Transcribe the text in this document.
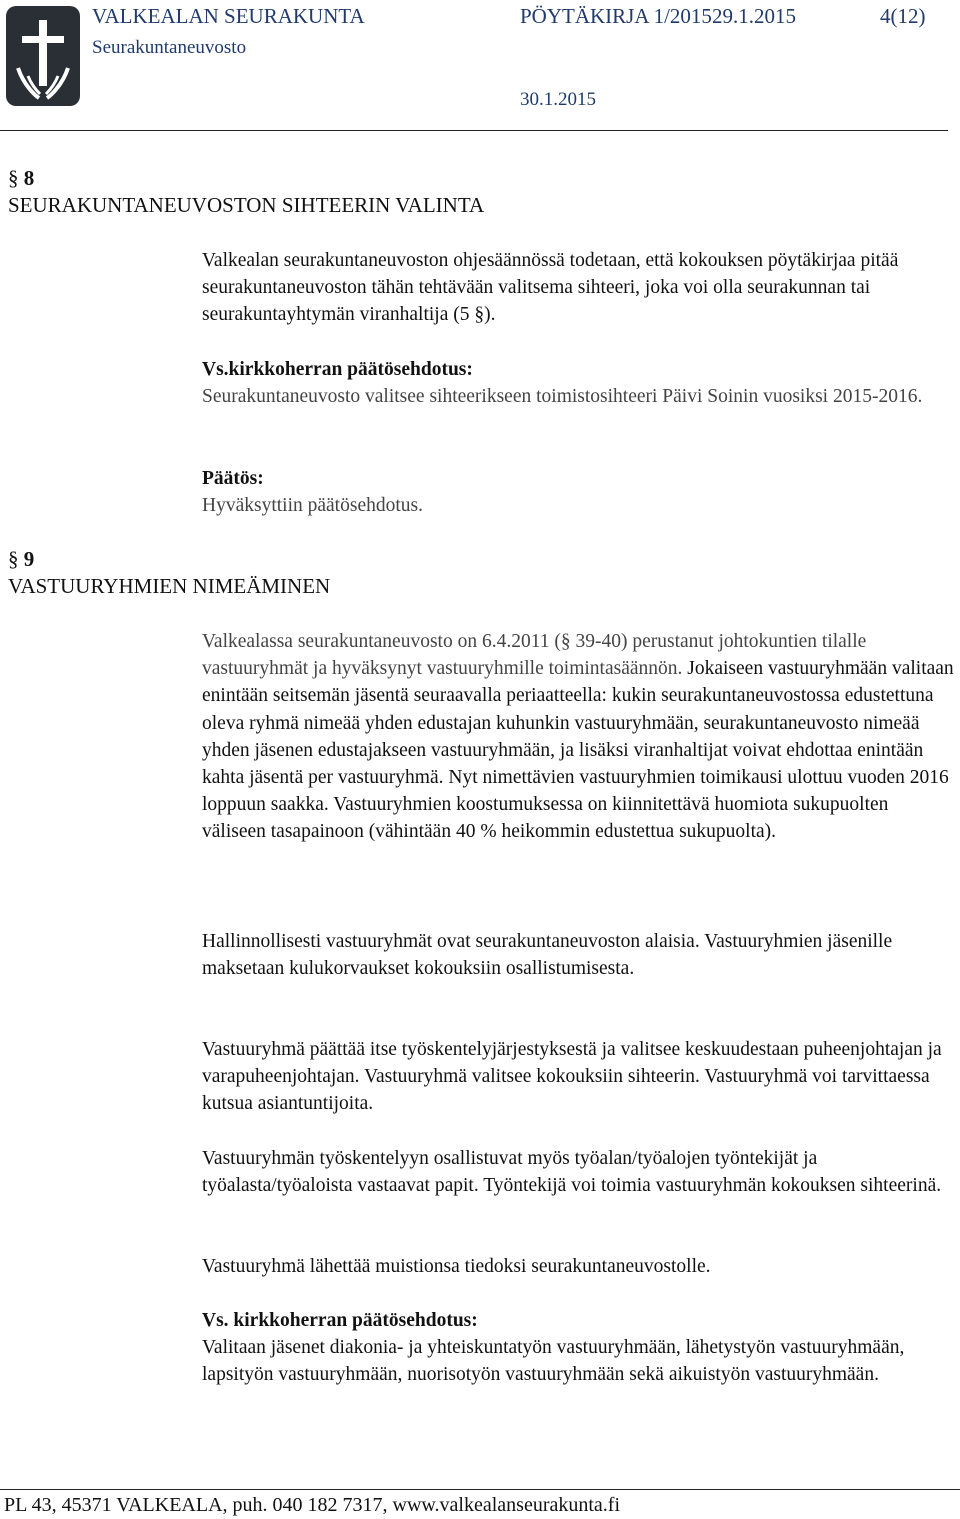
VALKEALAN SEURAKUNTA	PÖYTÄKIRJA 1/2015 29.1.2015	4(12)
Seurakuntaneuvosto
30.1.2015
§ 8
SEURAKUNTANEUVOSTON SIHTEERIN VALINTA

Valkealan seurakuntaneuvoston ohjesäännössä todetaan, että kokouksen pöytäkirjaa pitää seurakuntaneuvoston tähän tehtävään valitsema sihteeri, joka voi olla seurakunnan tai seurakuntayhtymän viranhaltija (5 §).

Vs.kirkkoherran päätösehdotus:
Seurakuntaneuvosto valitsee sihteerikseen toimistosihteeri Päivi Soinin vuosiksi 2015-2016.
Päätös:
Hyväksyttiin päätösehdotus.
§ 9
VASTUURYHMIEN NIMEÄMINEN

Valkealassa seurakuntaneuvosto on 6.4.2011 (§ 39-40) perustanut johtokuntien tilalle vastuuryhmät ja hyväksynyt vastuuryhmille toimintasäännön. Jokaiseen vastuuryhmään valitaan enintään seitsemän jäsentä seuraavalla periaatteella: kukin seurakuntaneuvostossa edustettuna oleva ryhmä nimeää yhden edustajan kuhunkin vastuuryhmään, seurakuntaneuvosto nimeää yhden jäsenen edustajakseen vastuuryhmään, ja lisäksi viranhaltijat voivat ehdottaa enintään kahta jäsentä per vastuuryhmä. Nyt nimettävien vastuuryhmien toimikausi ulottuu vuoden 2016 loppuun saakka. Vastuuryhmien koostumuksessa on kiinnitettävä huomiota sukupuolten väliseen tasapainoon (vähintään 40 % heikommin edustettua sukupuolta).

Hallinnollisesti vastuuryhmät ovat seurakuntaneuvoston alaisia. Vastuuryhmien jäsenille maksetaan kulukorvaukset kokouksiin osallistumisesta.

Vastuuryhmä päättää itse työskentelyjärjestyksestä ja valitsee keskuudestaan puheenjohtajan ja varapuheenjohtajan. Vastuuryhmä valitsee kokouksiin sihteerin. Vastuuryhmä voi tarvittaessa kutsua asiantuntijoita.

Vastuuryhmän työskentelyyn osallistuvat myös työalan/työalojen työntekijät ja työalasta/työaloista vastaavat papit. Työntekijä voi toimia vastuuryhmän kokouksen sihteerinä.

Vastuuryhmä lähettää muistionsa tiedoksi seurakuntaneuvostolle.

Vs. kirkkoherran päätösehdotus:
Valitaan jäsenet diakonia- ja yhteiskuntatyön vastuuryhmään, lähetystyön vastuuryhmään, lapsityön vastuuryhmään, nuorisotyön vastuuryhmään sekä aikuistyön vastuuryhmään.
PL 43, 45371 VALKEALA, puh. 040 182 7317, www.valkealanseurakunta.fi
